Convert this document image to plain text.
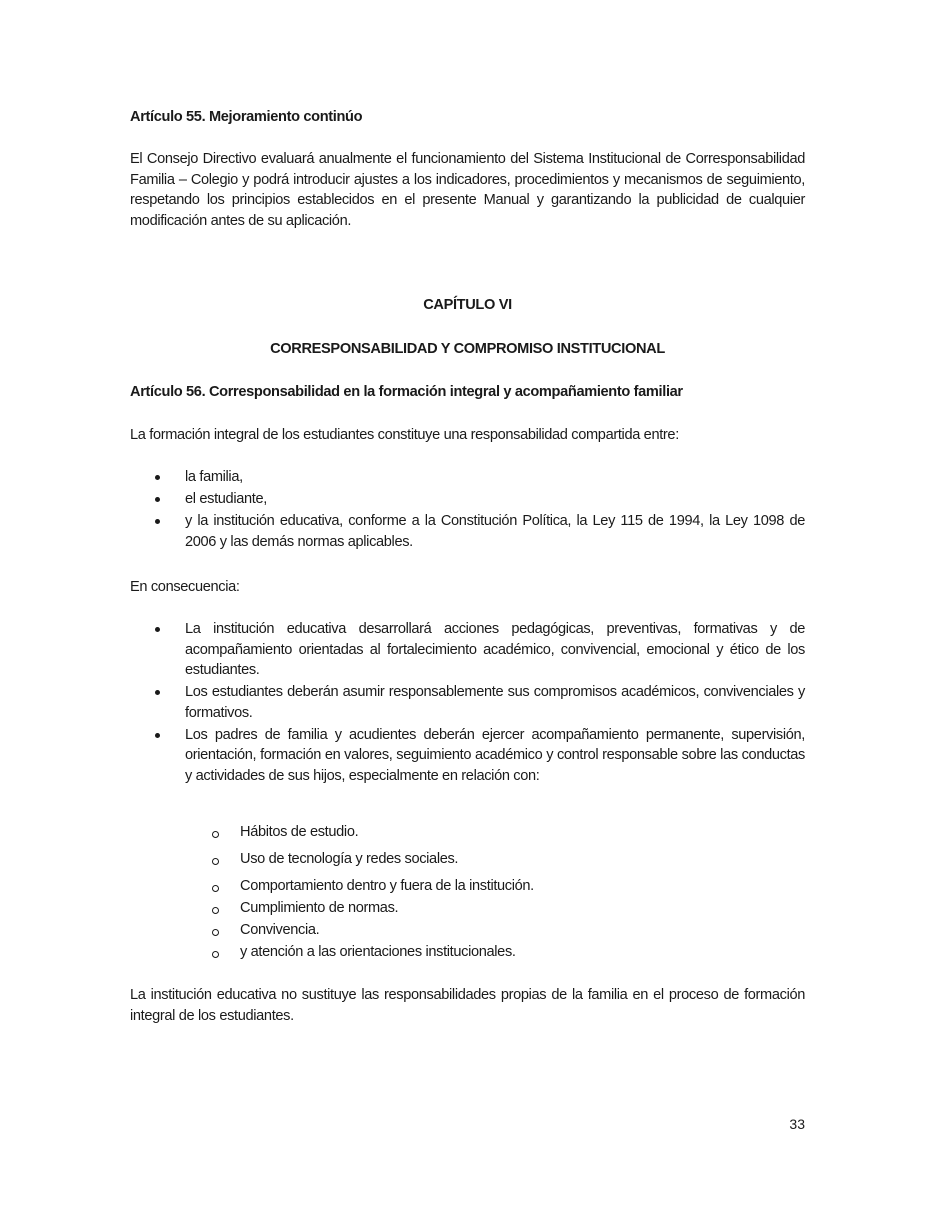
Artículo 55. Mejoramiento continúo

El Consejo Directivo evaluará anualmente el funcionamiento del Sistema Institucional de Corresponsabilidad Familia – Colegio y podrá introducir ajustes a los indicadores, procedimientos y mecanismos de seguimiento, respetando los principios establecidos en el presente Manual y garantizando la publicidad de cualquier modificación antes de su aplicación.

CAPÍTULO VI

CORRESPONSABILIDAD Y COMPROMISO INSTITUCIONAL

Artículo 56. Corresponsabilidad en la formación integral y acompañamiento familiar

La formación integral de los estudiantes constituye una responsabilidad compartida entre:

la familia,
el estudiante,
y la institución educativa, conforme a la Constitución Política, la Ley 115 de 1994, la Ley 1098 de 2006 y las demás normas aplicables.

En consecuencia:

La institución educativa desarrollará acciones pedagógicas, preventivas, formativas y de acompañamiento orientadas al fortalecimiento académico, convivencial, emocional y ético de los estudiantes.
Los estudiantes deberán asumir responsablemente sus compromisos académicos, convivenciales y formativos.
Los padres de familia y acudientes deberán ejercer acompañamiento permanente, supervisión, orientación, formación en valores, seguimiento académico y control responsable sobre las conductas y actividades de sus hijos, especialmente en relación con:
Hábitos de estudio.
Uso de tecnología y redes sociales.
Comportamiento dentro y fuera de la institución.
Cumplimiento de normas.
Convivencia.
y atención a las orientaciones institucionales.

La institución educativa no sustituye las responsabilidades propias de la familia en el proceso de formación integral de los estudiantes.

33
